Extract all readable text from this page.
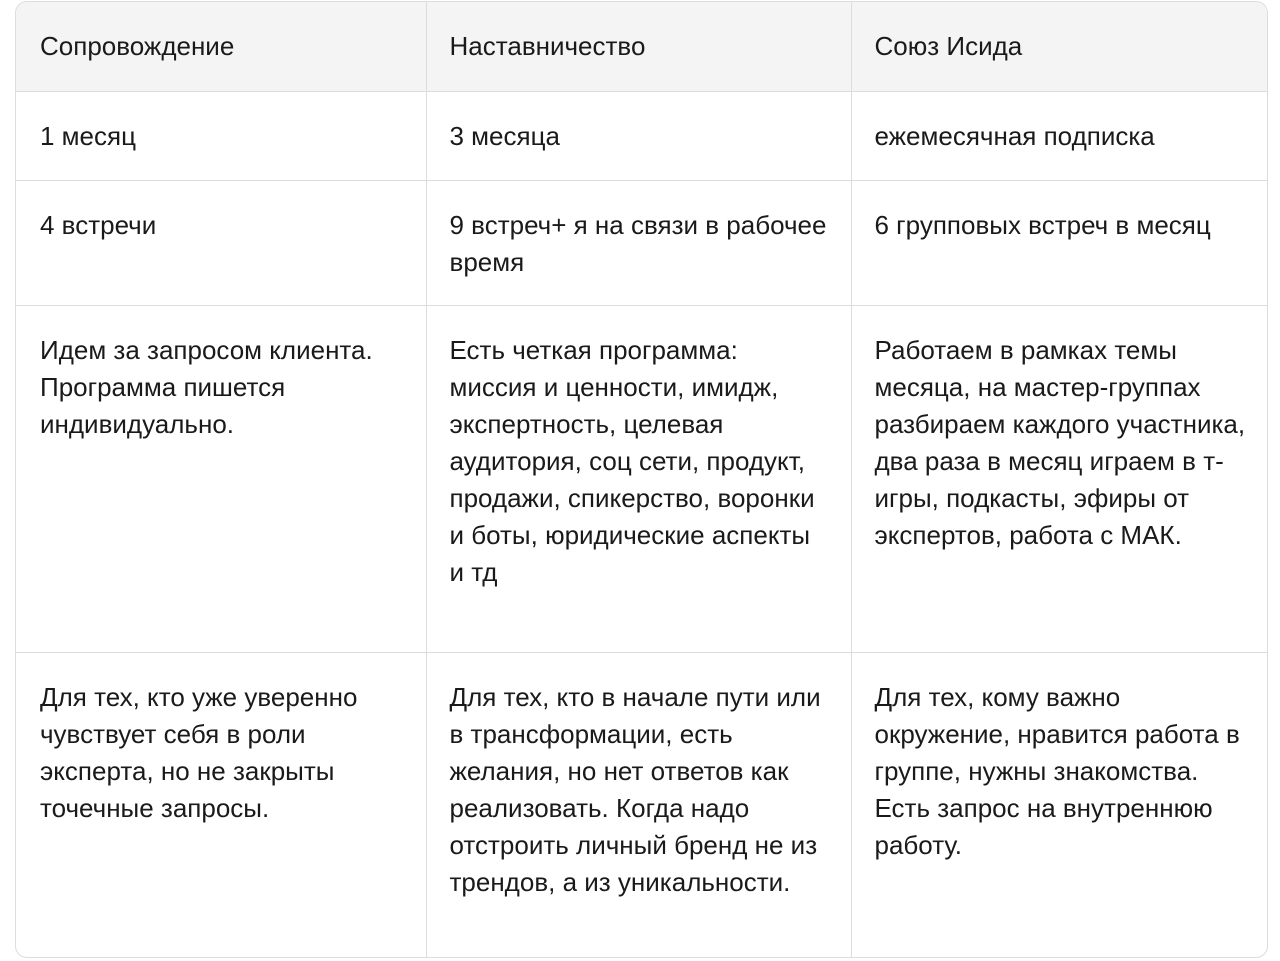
Сопровождение	Наставничество	Союз Исида
1 месяц	3 месяца	ежемесячная подписка
4 встречи	9 встреч+ я на связи в рабочее время	6 групповых встреч в месяц
Идем за запросом клиента. Программа пишется индивидуально.	Есть четкая программа: миссия и ценности, имидж, экспертность, целевая аудитория, соц сети, продукт, продажи, спикерство, воронки и боты, юридические аспекты и тд	Работаем в рамках темы месяца, на мастер-группах разбираем каждого участника, два раза в месяц играем в т-игры, подкасты, эфиры от экспертов, работа с МАК.
Для тех, кто уже уверенно чувствует себя в роли эксперта, но не закрыты точечные запросы.	Для тех, кто в начале пути или в трансформации, есть желания, но нет ответов как реализовать. Когда надо отстроить личный бренд не из трендов, а из уникальности.	Для тех, кому важно окружение, нравится работа в группе, нужны знакомства. Есть запрос на внутреннюю работу.
